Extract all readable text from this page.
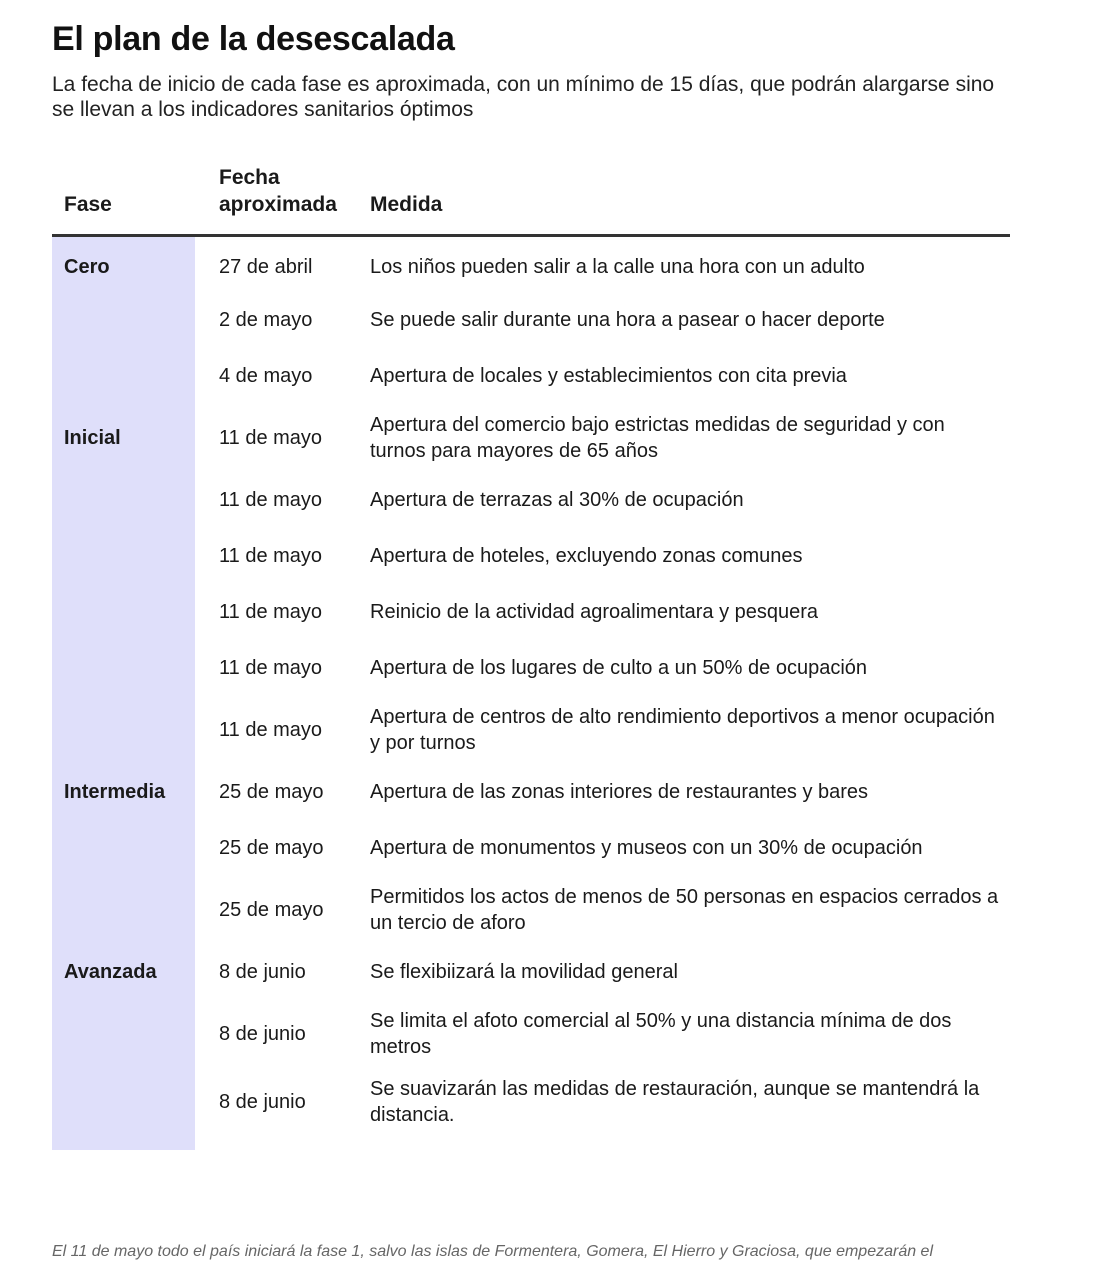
El plan de la desescalada

La fecha de inicio de cada fase es aproximada, con un mínimo de 15 días, que podrán alargarse sino se llevan a los indicadores sanitarios óptimos

Fase	Fecha aproximada	Medida
Cero	27 de abril	Los niños pueden salir a la calle una hora con un adulto
	2 de mayo	Se puede salir durante una hora a pasear o hacer deporte
	4 de mayo	Apertura de locales y establecimientos con cita previa
Inicial	11 de mayo	Apertura del comercio bajo estrictas medidas de seguridad y con turnos para mayores de 65 años
	11 de mayo	Apertura de terrazas al 30% de ocupación
	11 de mayo	Apertura de hoteles, excluyendo zonas comunes
	11 de mayo	Reinicio de la actividad agroalimentara y pesquera
	11 de mayo	Apertura de los lugares de culto a un 50% de ocupación
	11 de mayo	Apertura de centros de alto rendimiento deportivos a menor ocupación y por turnos
Intermedia	25 de mayo	Apertura de las zonas interiores de restaurantes y bares
	25 de mayo	Apertura de monumentos y museos con un 30% de ocupación
	25 de mayo	Permitidos los actos de menos de 50 personas en espacios cerrados a un tercio de aforo
Avanzada	8 de junio	Se flexibiizará la movilidad general
	8 de junio	Se limita el afoto comercial al 50% y una distancia mínima de dos metros
	8 de junio	Se suavizarán las medidas de restauración, aunque se mantendrá la distancia.

El 11 de mayo todo el país iniciará la fase 1, salvo las islas de Formentera, Gomera, El Hierro y Graciosa, que empezarán el
